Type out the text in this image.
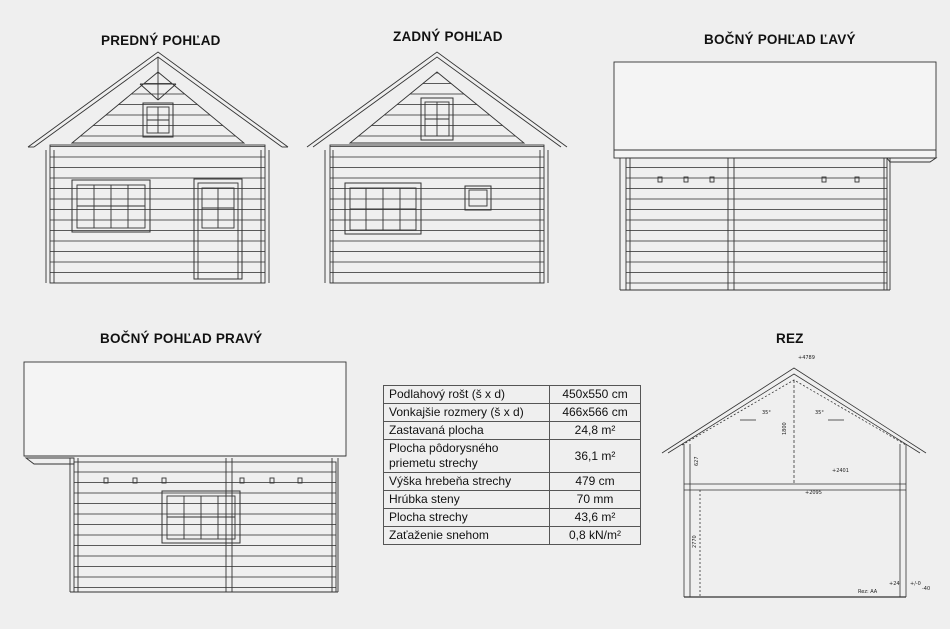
PREDNÝ POHĽAD	ZADNÝ POHĽAD	BOČNÝ POHĽAD ĽAVÝ
BOČNÝ POHĽAD PRAVÝ	REZ
35°	35°
+4789
+2401
+2095
1800
2770
627
+24 +/-0
-40
Rez: AA
Podlahový rošt (š x d)	450x550 cm
Vonkajšie rozmery (š x d)	466x566 cm
Zastavaná plocha	24,8 m²
Plocha pôdorysného priemetu strechy	36,1 m²
Výška hrebeňa strechy	479 cm
Hrúbka steny	70 mm
Plocha strechy	43,6 m²
Zaťaženie snehom	0,8 kN/m²
